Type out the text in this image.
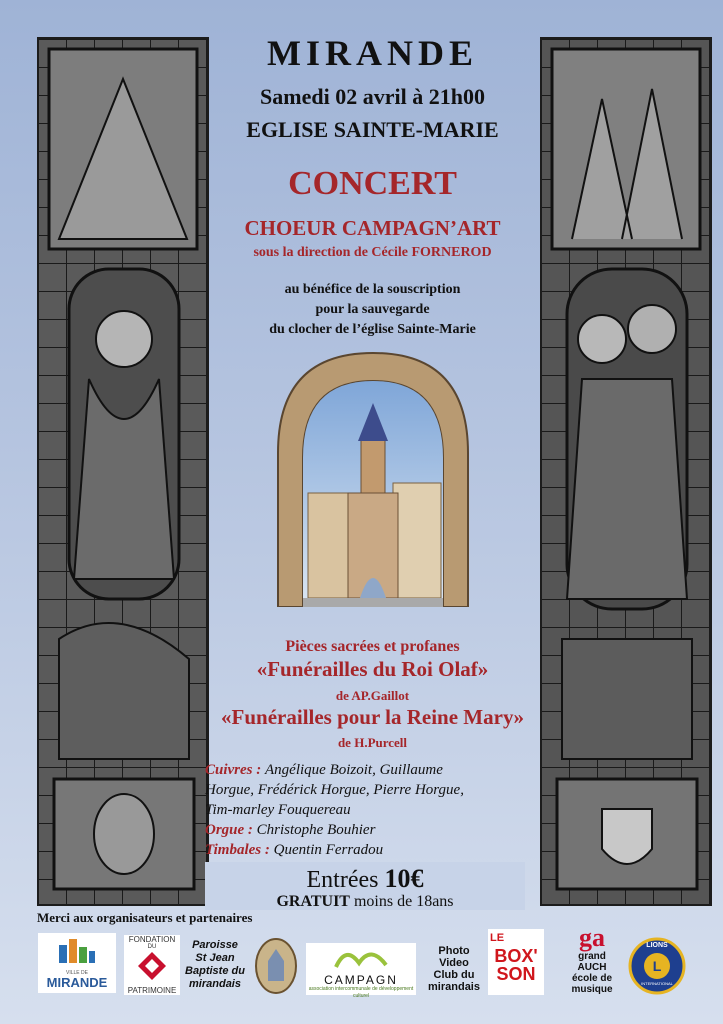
MIRANDE
Samedi 02 avril à 21h00
EGLISE SAINTE-MARIE
CONCERT
CHOEUR CAMPAGN’ART
sous la direction de Cécile FORNEROD
au bénéfice de la souscription
pour la sauvegarde
du clocher de l’église Sainte-Marie
Pièces sacrées et profanes
«Funérailles du Roi Olaf»
de AP.Gaillot
«Funérailles pour la Reine Mary»
de H.Purcell
Cuivres : Angélique Boizoit, Guillaume
Horgue, Frédérick Horgue, Pierre Horgue,
Tim-marley Fouquereau
Orgue : Christophe Bouhier
Timbales : Quentin Ferradou
Entrées 10€
GRATUIT moins de 18ans
Merci aux organisateurs et partenaires
VILLE DE
MIRANDE
FONDATION
DU
PATRIMOINE
Paroisse
St Jean
Baptiste du
mirandais	CAMPAGN
association intercommunale de développement culturel
Photo
Video
Club du
mirandais
LE
BOX'
SON
ga
grand
AUCH
école de
musique
L
LIONS
INTERNATIONAL
